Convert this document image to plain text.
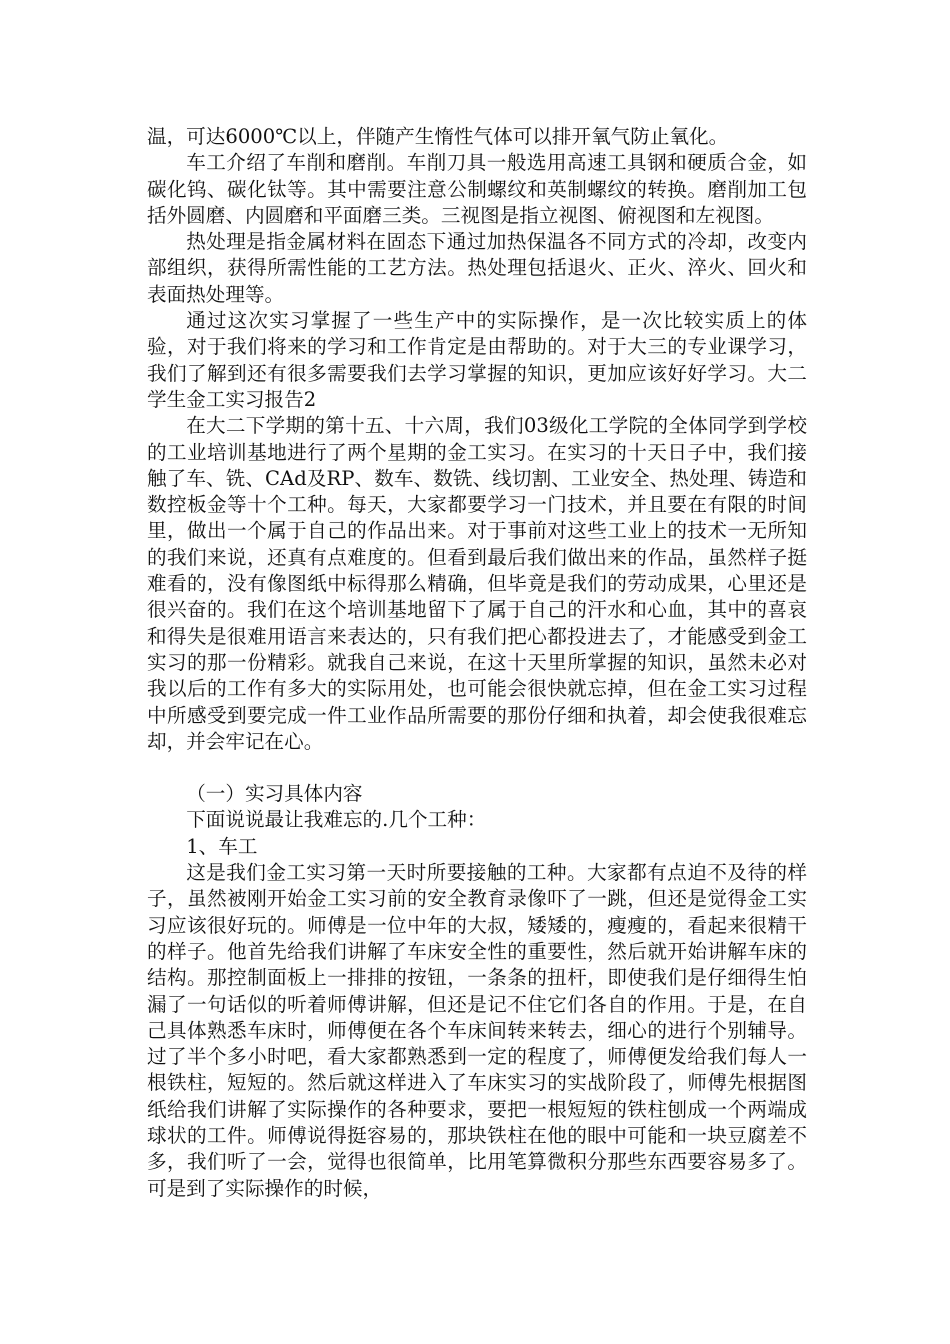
温，可达6000℃以上，伴随产生惰性气体可以排开氧气防止氧化。

车工介绍了车削和磨削。车削刀具一般选用高速工具钢和硬质合金，如碳化钨、碳化钛等。其中需要注意公制螺纹和英制螺纹的转换。磨削加工包括外圆磨、内圆磨和平面磨三类。三视图是指立视图、俯视图和左视图。

热处理是指金属材料在固态下通过加热保温各不同方式的冷却，改变内部组织，获得所需性能的工艺方法。热处理包括退火、正火、淬火、回火和表面热处理等。

通过这次实习掌握了一些生产中的实际操作，是一次比较实质上的体验，对于我们将来的学习和工作肯定是由帮助的。对于大三的专业课学习，我们了解到还有很多需要我们去学习掌握的知识，更加应该好好学习。大二学生金工实习报告2

在大二下学期的第十五、十六周，我们03级化工学院的全体同学到学校的工业培训基地进行了两个星期的金工实习。在实习的十天日子中，我们接触了车、铣、CAd及RP、数车、数铣、线切割、工业安全、热处理、铸造和数控板金等十个工种。每天，大家都要学习一门技术，并且要在有限的时间里，做出一个属于自己的作品出来。对于事前对这些工业上的技术一无所知的我们来说，还真有点难度的。但看到最后我们做出来的作品，虽然样子挺难看的，没有像图纸中标得那么精确，但毕竟是我们的劳动成果，心里还是很兴奋的。我们在这个培训基地留下了属于自己的汗水和心血，其中的喜哀和得失是很难用语言来表达的，只有我们把心都投进去了，才能感受到金工实习的那一份精彩。就我自己来说，在这十天里所掌握的知识，虽然未必对我以后的工作有多大的实际用处，也可能会很快就忘掉，但在金工实习过程中所感受到要完成一件工业作品所需要的那份仔细和执着，却会使我很难忘却，并会牢记在心。

（一）实习具体内容

下面说说最让我难忘的.几个工种：

1、车工

这是我们金工实习第一天时所要接触的工种。大家都有点迫不及待的样子，虽然被刚开始金工实习前的安全教育录像吓了一跳，但还是觉得金工实习应该很好玩的。师傅是一位中年的大叔，矮矮的，瘦瘦的，看起来很精干的样子。他首先给我们讲解了车床安全性的重要性，然后就开始讲解车床的结构。那控制面板上一排排的按钮，一条条的扭杆，即使我们是仔细得生怕漏了一句话似的听着师傅讲解，但还是记不住它们各自的作用。于是，在自己具体熟悉车床时，师傅便在各个车床间转来转去，细心的进行个别辅导。过了半个多小时吧，看大家都熟悉到一定的程度了，师傅便发给我们每人一根铁柱，短短的。然后就这样进入了车床实习的实战阶段了，师傅先根据图纸给我们讲解了实际操作的各种要求，要把一根短短的铁柱刨成一个两端成球状的工件。师傅说得挺容易的，那块铁柱在他的眼中可能和一块豆腐差不多，我们听了一会，觉得也很简单，比用笔算微积分那些东西要容易多了。可是到了实际操作的时候，
